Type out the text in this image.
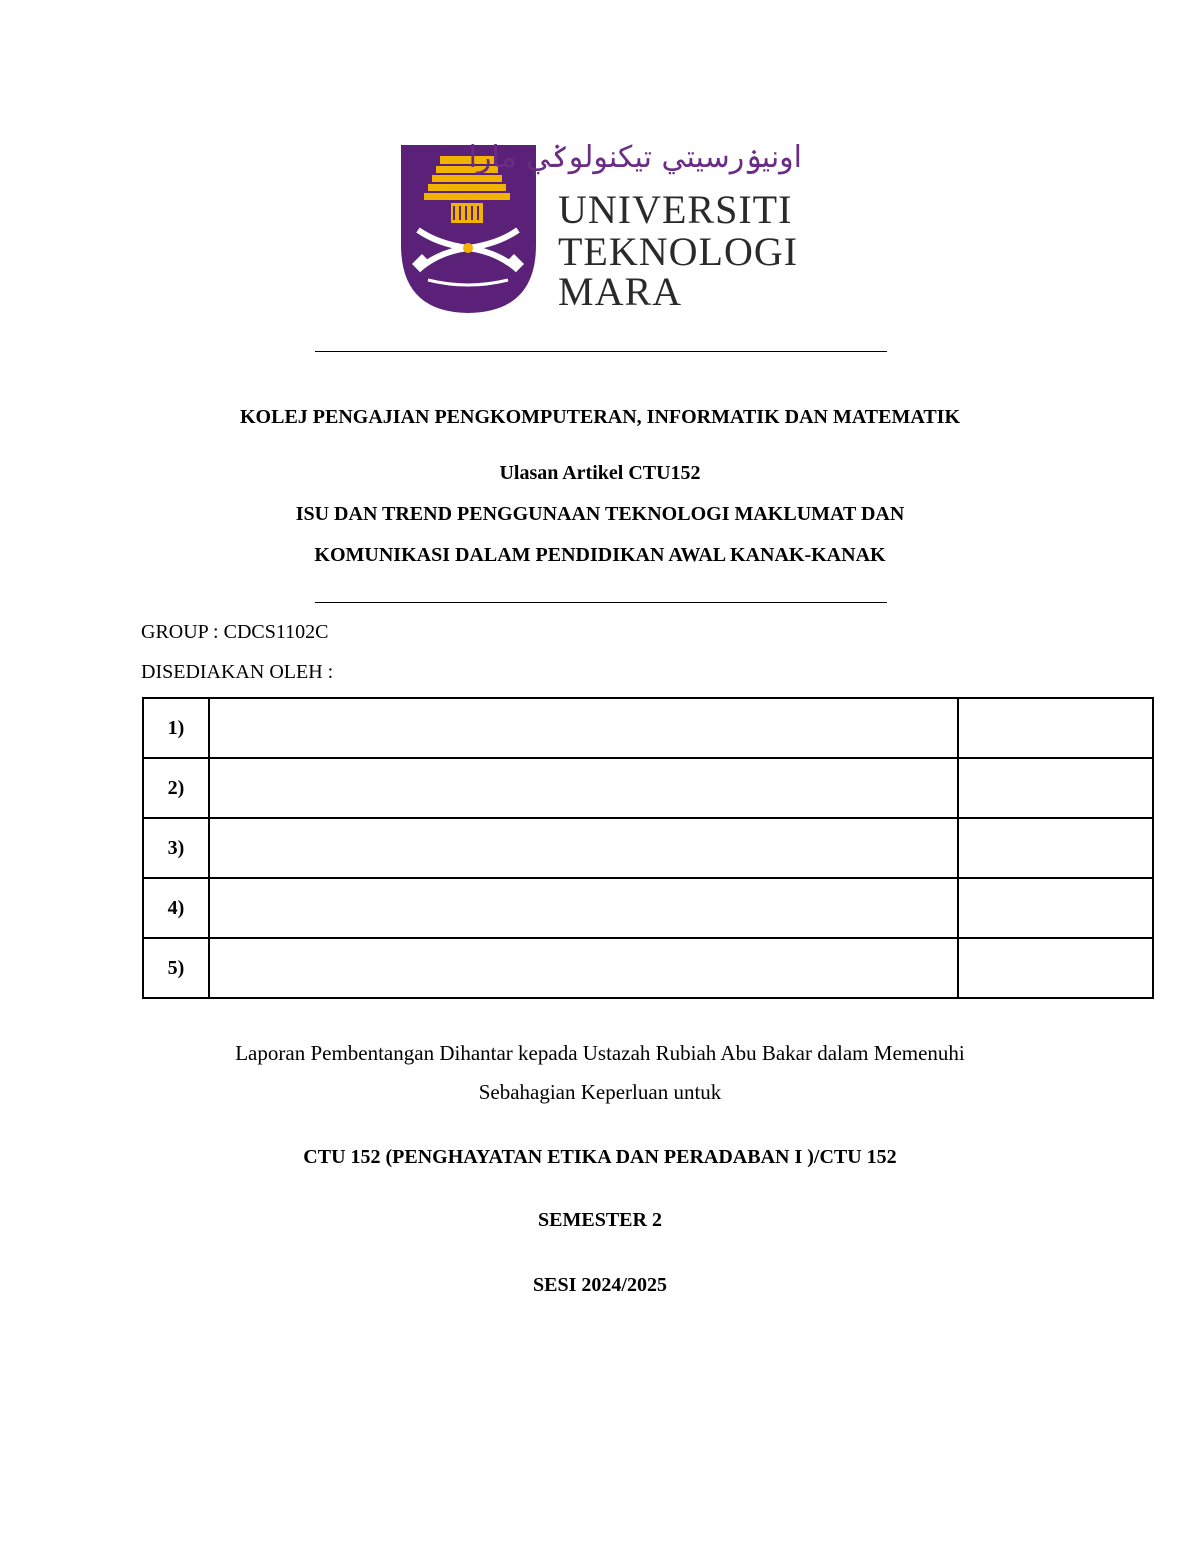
اونيۏرسيتي تيکنولوݢي مارا
UNIVERSITI
TEKNOLOGI
MARA
KOLEJ PENGAJIAN PENGKOMPUTERAN, INFORMATIK DAN MATEMATIK
Ulasan Artikel CTU152
ISU DAN TREND PENGGUNAAN TEKNOLOGI MAKLUMAT DAN
KOMUNIKASI DALAM PENDIDIKAN AWAL KANAK-KANAK
GROUP : CDCS1102C
DISEDIAKAN OLEH :
1)		
2)		
3)		
4)		
5)		
Laporan Pembentangan Dihantar kepada Ustazah Rubiah Abu Bakar dalam Memenuhi
Sebahagian Keperluan untuk
CTU 152 (PENGHAYATAN ETIKA DAN PERADABAN I )/CTU 152
SEMESTER 2
SESI 2024/2025
